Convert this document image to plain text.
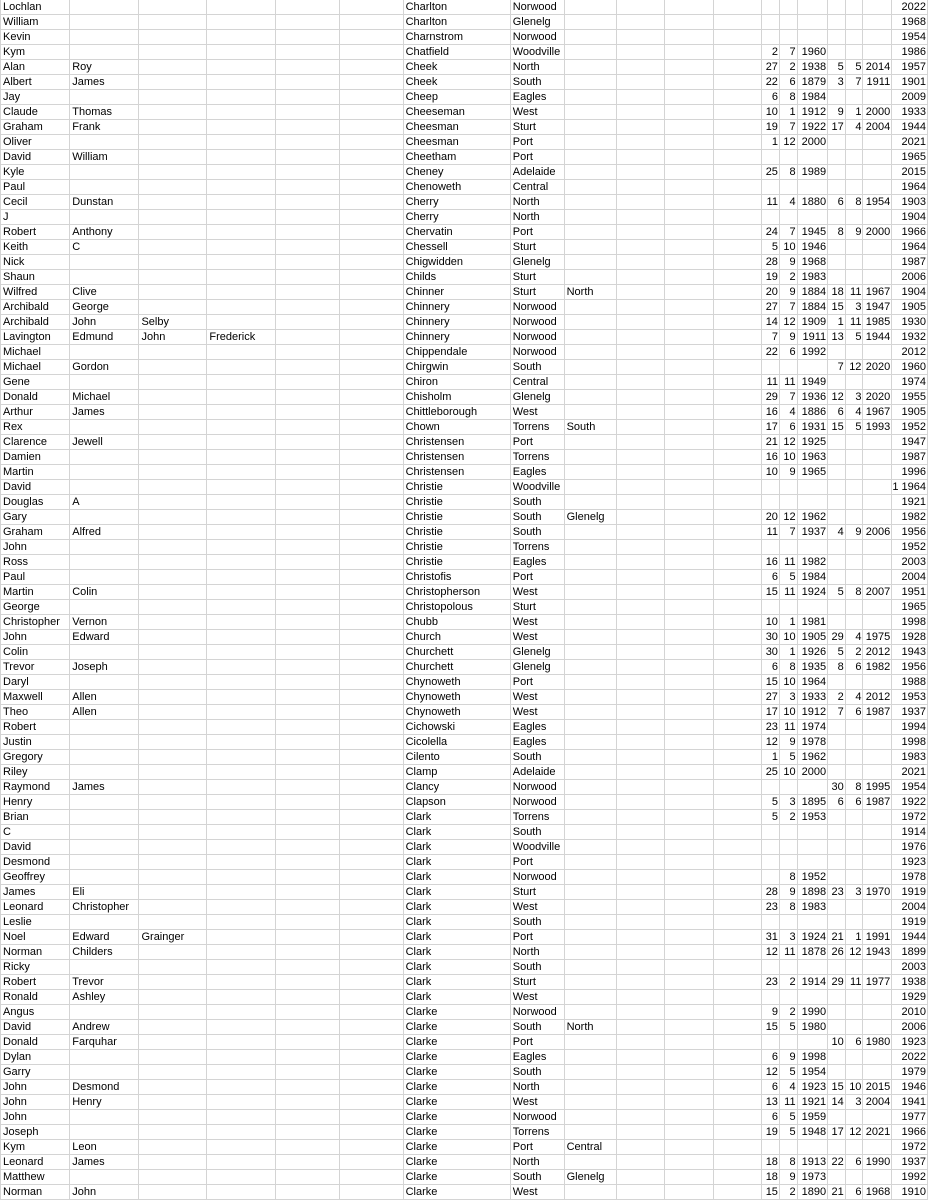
Lochlan						Charlton	Norwood											2022
William						Charlton	Glenelg											1968
Kevin						Charnstrom	Norwood											1954
Kym						Chatfield	Woodville					2	7	1960				1986
Alan	Roy					Cheek	North					27	2	1938	5	5	2014	1957
Albert	James					Cheek	South					22	6	1879	3	7	1911	1901
Jay						Cheep	Eagles					6	8	1984				2009
Claude	Thomas					Cheeseman	West					10	1	1912	9	1	2000	1933
Graham	Frank					Cheesman	Sturt					19	7	1922	17	4	2004	1944
Oliver						Cheesman	Port					1	12	2000				2021
David	William					Cheetham	Port											1965
Kyle						Cheney	Adelaide					25	8	1989				2015
Paul						Chenoweth	Central											1964
Cecil	Dunstan					Cherry	North					11	4	1880	6	8	1954	1903
J						Cherry	North											1904
Robert	Anthony					Chervatin	Port					24	7	1945	8	9	2000	1966
Keith	C					Chessell	Sturt					5	10	1946				1964
Nick						Chigwidden	Glenelg					28	9	1968				1987
Shaun						Childs	Sturt					19	2	1983				2006
Wilfred	Clive					Chinner	Sturt	North				20	9	1884	18	11	1967	1904
Archibald	George					Chinnery	Norwood					27	7	1884	15	3	1947	1905
Archibald	John	Selby				Chinnery	Norwood					14	12	1909	1	11	1985	1930
Lavington	Edmund	John	Frederick			Chinnery	Norwood					7	9	1911	13	5	1944	1932
Michael						Chippendale	Norwood					22	6	1992				2012
Michael	Gordon					Chirgwin	South								7	12	2020	1960
Gene						Chiron	Central					11	11	1949				1974
Donald	Michael					Chisholm	Glenelg					29	7	1936	12	3	2020	1955
Arthur	James					Chittleborough	West					16	4	1886	6	4	1967	1905
Rex						Chown	Torrens	South				17	6	1931	15	5	1993	1952
Clarence	Jewell					Christensen	Port					21	12	1925				1947
Damien						Christensen	Torrens					16	10	1963				1987
Martin						Christensen	Eagles					10	9	1965				1996
David						Christie	Woodville											1 1964
Douglas	A					Christie	South											1921
Gary						Christie	South	Glenelg				20	12	1962				1982
Graham	Alfred					Christie	South					11	7	1937	4	9	2006	1956
John						Christie	Torrens											1952
Ross						Christie	Eagles					16	11	1982				2003
Paul						Christofis	Port					6	5	1984				2004
Martin	Colin					Christopherson	West					15	11	1924	5	8	2007	1951
George						Christopolous	Sturt											1965
Christopher	Vernon					Chubb	West					10	1	1981				1998
John	Edward					Church	West					30	10	1905	29	4	1975	1928
Colin						Churchett	Glenelg					30	1	1926	5	2	2012	1943
Trevor	Joseph					Churchett	Glenelg					6	8	1935	8	6	1982	1956
Daryl						Chynoweth	Port					15	10	1964				1988
Maxwell	Allen					Chynoweth	West					27	3	1933	2	4	2012	1953
Theo	Allen					Chynoweth	West					17	10	1912	7	6	1987	1937
Robert						Cichowski	Eagles					23	11	1974				1994
Justin						Cicolella	Eagles					12	9	1978				1998
Gregory						Cilento	South					1	5	1962				1983
Riley						Clamp	Adelaide					25	10	2000				2021
Raymond	James					Clancy	Norwood								30	8	1995	1954
Henry						Clapson	Norwood					5	3	1895	6	6	1987	1922
Brian						Clark	Torrens					5	2	1953				1972
C						Clark	South											1914
David						Clark	Woodville											1976
Desmond						Clark	Port											1923
Geoffrey						Clark	Norwood						8	1952				1978
James	Eli					Clark	Sturt					28	9	1898	23	3	1970	1919
Leonard	Christopher					Clark	West					23	8	1983				2004
Leslie						Clark	South											1919
Noel	Edward	Grainger				Clark	Port					31	3	1924	21	1	1991	1944
Norman	Childers					Clark	North					12	11	1878	26	12	1943	1899
Ricky						Clark	South											2003
Robert	Trevor					Clark	Sturt					23	2	1914	29	11	1977	1938
Ronald	Ashley					Clark	West											1929
Angus						Clarke	Norwood					9	2	1990				2010
David	Andrew					Clarke	South	North				15	5	1980				2006
Donald	Farquhar					Clarke	Port								10	6	1980	1923
Dylan						Clarke	Eagles					6	9	1998				2022
Garry						Clarke	South					12	5	1954				1979
John	Desmond					Clarke	North					6	4	1923	15	10	2015	1946
John	Henry					Clarke	West					13	11	1921	14	3	2004	1941
John						Clarke	Norwood					6	5	1959				1977
Joseph						Clarke	Torrens					19	5	1948	17	12	2021	1966
Kym	Leon					Clarke	Port	Central										1972
Leonard	James					Clarke	North					18	8	1913	22	6	1990	1937
Matthew						Clarke	South	Glenelg				18	9	1973				1992
Norman	John					Clarke	West					15	2	1890	21	6	1968	1910
